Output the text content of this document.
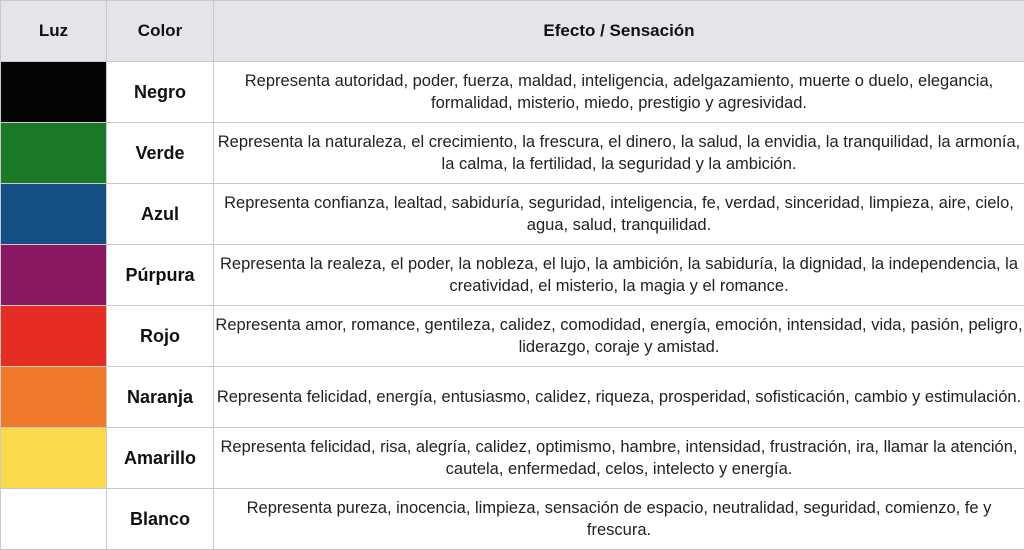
Luz	Color	Efecto / Sensación
	Negro	Representa autoridad, poder, fuerza, maldad, inteligencia, adelgazamiento, muerte o duelo, elegancia, formalidad, misterio, miedo, prestigio y agresividad.
	Verde	Representa la naturaleza, el crecimiento, la frescura, el dinero, la salud, la envidia, la tranquilidad, la armonía, la calma, la fertilidad, la seguridad y la ambición.
	Azul	Representa confianza, lealtad, sabiduría, seguridad, inteligencia, fe, verdad, sinceridad, limpieza, aire, cielo, agua, salud, tranquilidad.
	Púrpura	Representa la realeza, el poder, la nobleza, el lujo, la ambición, la sabiduría, la dignidad, la independencia, la creatividad, el misterio, la magia y el romance.
	Rojo	Representa amor, romance, gentileza, calidez, comodidad, energía, emoción, intensidad, vida, pasión, peligro, liderazgo, coraje y amistad.
	Naranja	Representa felicidad, energía, entusiasmo, calidez, riqueza, prosperidad, sofisticación, cambio y estimulación.
	Amarillo	Representa felicidad, risa, alegría, calidez, optimismo, hambre, intensidad, frustración, ira, llamar la atención, cautela, enfermedad, celos, intelecto y energía.
	Blanco	Representa pureza, inocencia, limpieza, sensación de espacio, neutralidad, seguridad, comienzo, fe y frescura.
